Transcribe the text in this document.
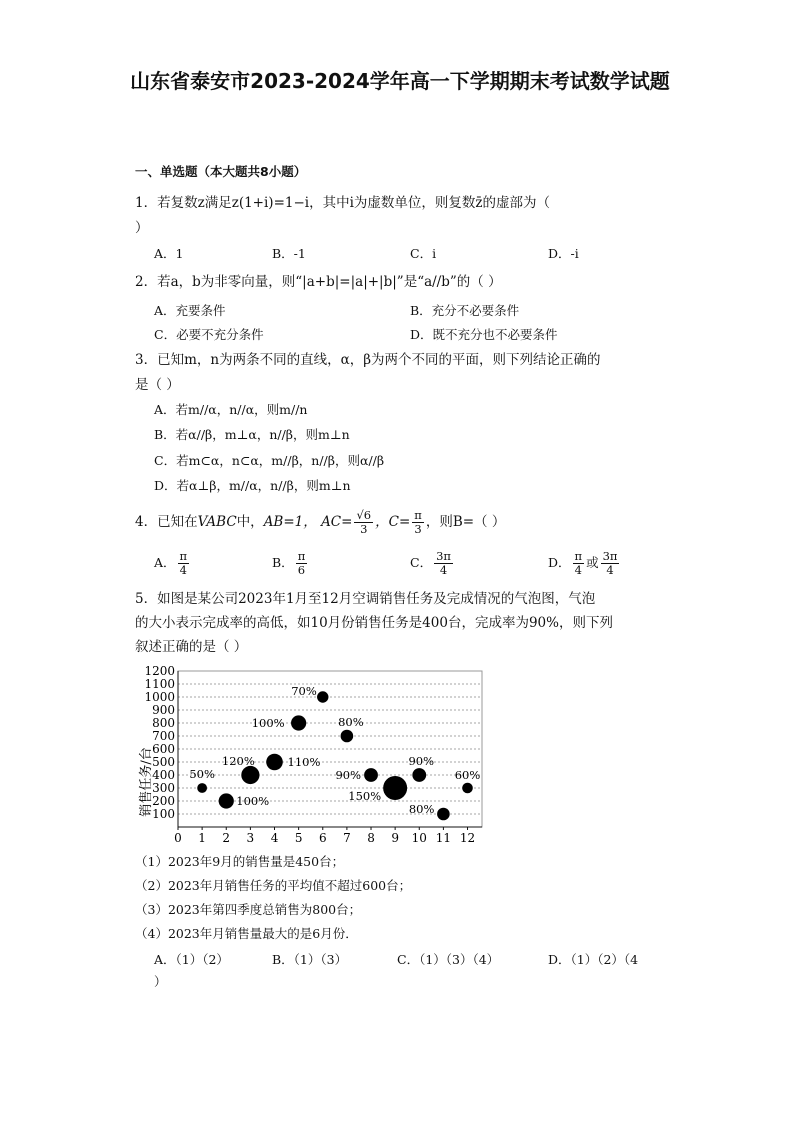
山东省泰安市2023-2024学年高一下学期期末考试数学试题
一、单选题（本大题共8小题）
1．若复数z满足z(1+i)=1−i，其中i为虚数单位，则复数z̄的虚部为（
）
A．1	B．-1	C．i	D．-i
2．若a，b为非零向量，则“|a+b|=|a|+|b|”是“a//b”的（ ）
A．充要条件	B．充分不必要条件
C．必要不充分条件	D．既不充分也不必要条件
3．已知m，n为两条不同的直线，α，β为两个不同的平面，则下列结论正确的
是（ ）
A．若m//α，n//α，则m//n
B．若α//β，m⊥α，n//β，则m⊥n
C．若m⊂α，n⊂α，m//β，n//β，则α//β
D．若α⊥β，m//α，n//β，则m⊥n
4．已知在VABC中，AB=1， $AC= \frac{√6}{3}$ ，$C= \frac{\pi}{3}$ ，则B=（ ）
A． $\frac{\pi}{4}$	B． $\frac{\pi}{6}$	C． $\frac{3\pi}{4}$	D． $\frac{\pi}{4}$ 或 $\frac{3\pi}{4}$
5．如图是某公司2023年1月至12月空调销售任务及完成情况的气泡图，气泡
的大小表示完成率的高低，如10月份销售任务是400台，完成率为90%，则下列
叙述正确的是（ ）
销售任务/台
100
200
300
400
500
600
700
800
900
1000
1100
1200
0 1 2 3 4 5 6 7 8 9 10 11 12
50%
100%
120%	110%
100%
70%
80%
90%
150%
90%
80%
60%
（1）2023年9月的销售量是450台；
（2）2023年月销售任务的平均值不超过600台；
（3）2023年第四季度总销售为800台；
（4）2023年月销售量最大的是6月份．
A．（1）（2）	B．（1）（3）	C．（1）（3）（4）	D．（1）（2）（4
）
